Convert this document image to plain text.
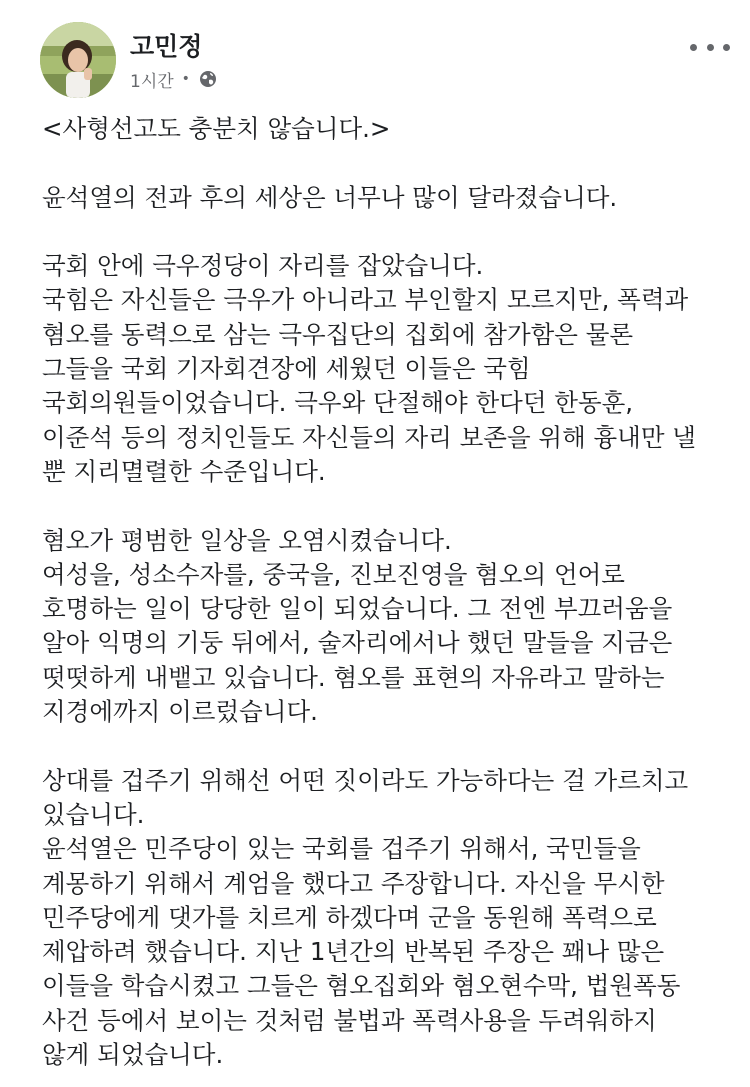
고민정
1시간 •
<사형선고도 충분치 않습니다.>
윤석열의 전과 후의 세상은 너무나 많이 달라졌습니다.
국회 안에 극우정당이 자리를 잡았습니다.
국힘은 자신들은 극우가 아니라고 부인할지 모르지만, 폭력과
혐오를 동력으로 삼는 극우집단의 집회에 참가함은 물론
그들을 국회 기자회견장에 세웠던 이들은 국힘
국회의원들이었습니다. 극우와 단절해야 한다던 한동훈,
이준석 등의 정치인들도 자신들의 자리 보존을 위해 흉내만 낼
뿐 지리멸렬한 수준입니다.
혐오가 평범한 일상을 오염시켰습니다.
여성을, 성소수자를, 중국을, 진보진영을 혐오의 언어로
호명하는 일이 당당한 일이 되었습니다. 그 전엔 부끄러움을
알아 익명의 기둥 뒤에서, 술자리에서나 했던 말들을 지금은
떳떳하게 내뱉고 있습니다. 혐오를 표현의 자유라고 말하는
지경에까지 이르렀습니다.
상대를 겁주기 위해선 어떤 짓이라도 가능하다는 걸 가르치고
있습니다.
윤석열은 민주당이 있는 국회를 겁주기 위해서, 국민들을
계몽하기 위해서 계엄을 했다고 주장합니다. 자신을 무시한
민주당에게 댓가를 치르게 하겠다며 군을 동원해 폭력으로
제압하려 했습니다. 지난 1년간의 반복된 주장은 꽤나 많은
이들을 학습시켰고 그들은 혐오집회와 혐오현수막, 법원폭동
사건 등에서 보이는 것처럼 불법과 폭력사용을 두려워하지
않게 되었습니다.
